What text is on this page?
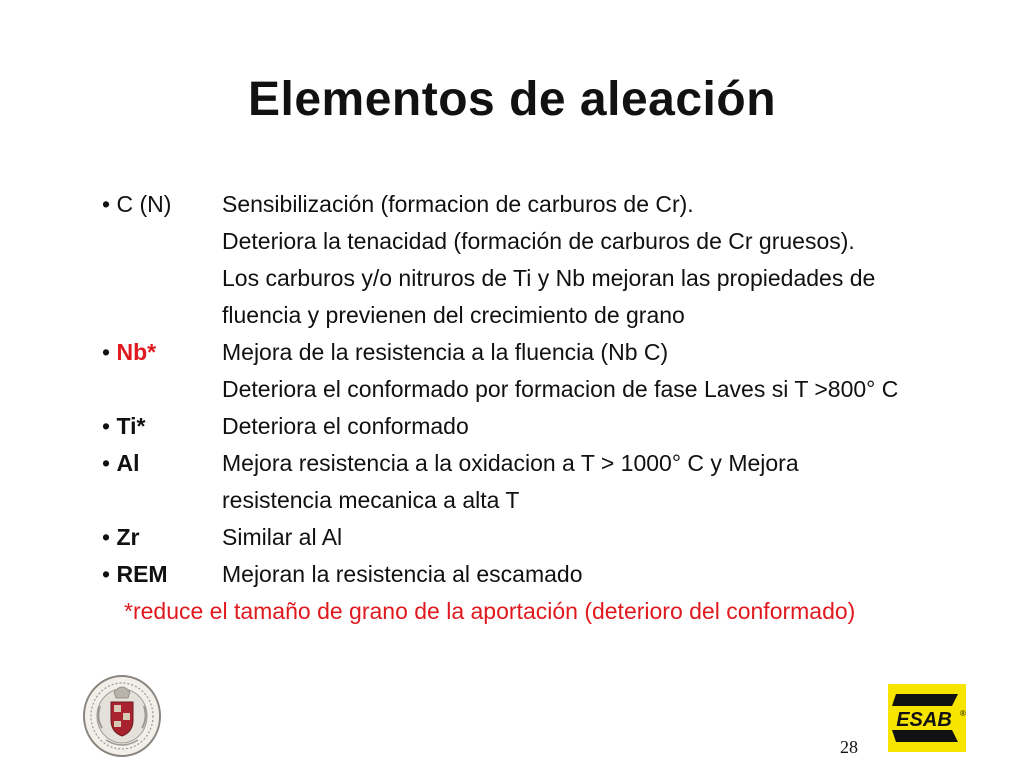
Elementos de aleación
• C (N) Sensibilización (formacion de carburos de Cr).
Deteriora la tenacidad (formación de carburos de Cr gruesos).
Los carburos y/o nitruros de Ti y Nb mejoran las propiedades de
fluencia y previenen del crecimiento de grano
• Nb*	Mejora de la resistencia a la fluencia (Nb C)
Deteriora el conformado por formacion de fase Laves si T >800° C
• Ti*	Deteriora el conformado
• Al	Mejora resistencia a la oxidacion a T > 1000° C y Mejora
resistencia mecanica a alta T
• Zr	Similar al Al
• REM Mejoran la resistencia al escamado
*reduce el tamaño de grano de la aportación (deterioro del conformado)
ESAB ®
28
